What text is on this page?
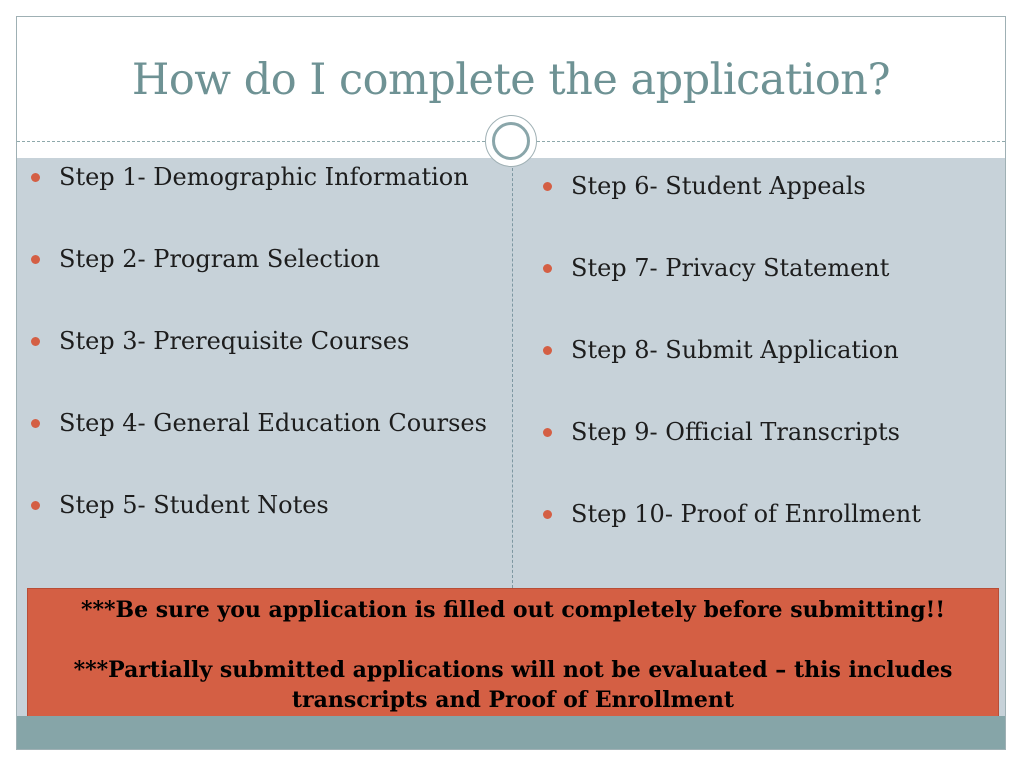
How do I complete the application?
Step 1- Demographic Information
Step 2- Program Selection
Step 3- Prerequisite Courses
Step 4- General Education Courses
Step 5- Student Notes
Step 6- Student Appeals
Step 7- Privacy Statement
Step 8- Submit Application
Step 9- Official Transcripts
Step 10- Proof of Enrollment

***Be sure you application is filled out completely before submitting!!

***Partially submitted applications will not be evaluated – this includes transcripts and Proof of Enrollment
